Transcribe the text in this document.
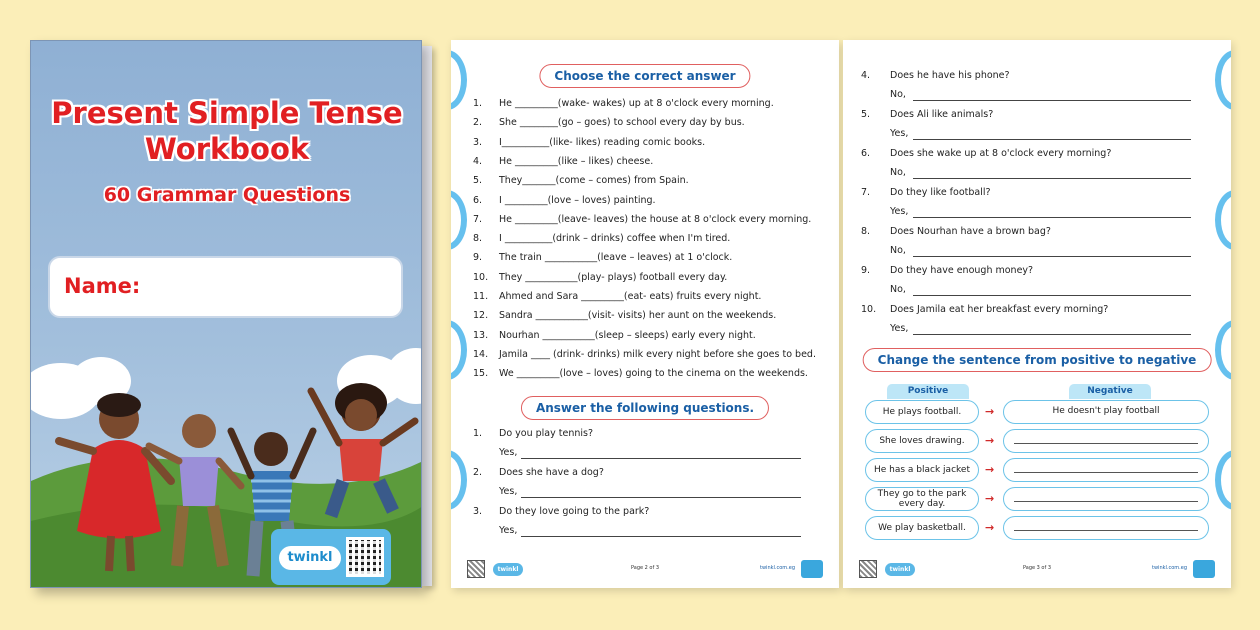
Present Simple Tense
Workbook
60 Grammar Questions
Name:
twinkl
Choose the correct answer
1. He _________(wake- wakes) up at 8 o'clock every morning.
2. She ________(go – goes) to school every day by bus.
3. I__________(like- likes) reading comic books.
4. He _________(like – likes) cheese.
5. They_______(come – comes) from Spain.
6. I _________(love – loves) painting.
7. He _________(leave- leaves) the house at 8 o'clock every morning.
8. I __________(drink – drinks) coffee when I'm tired.
9. The train ___________(leave – leaves) at 1 o'clock.
10. They ___________(play- plays) football every day.
11. Ahmed and Sara _________(eat- eats) fruits every night.
12. Sandra ___________(visit- visits) her aunt on the weekends.
13. Nourhan ___________(sleep – sleeps) early every night.
14. Jamila ____ (drink- drinks) milk every night before she goes to bed.
15. We _________(love – loves) going to the cinema on the weekends.
Answer the following questions.
1. Do you play tennis?
Yes,
2. Does she have a dog?
Yes,
3. Do they love going to the park?
Yes,
twinkl	Page 2 of 3	twinkl.com.eg
4. Does he have his phone?
No,
5. Does Ali like animals?
Yes,
6. Does she wake up at 8 o'clock every morning?
No,
7. Do they like football?
Yes,
8. Does Nourhan have a brown bag?
No,
9. Do they have enough money?
No,
10. Does Jamila eat her breakfast every morning?
Yes,
Change the sentence from positive to negative
Positive	Negative
He plays football.	→	He doesn't play football
She loves drawing.	→
He has a black jacket	→
They go to the park every day.	→
We play basketball.	→
twinkl	Page 3 of 3	twinkl.com.eg
